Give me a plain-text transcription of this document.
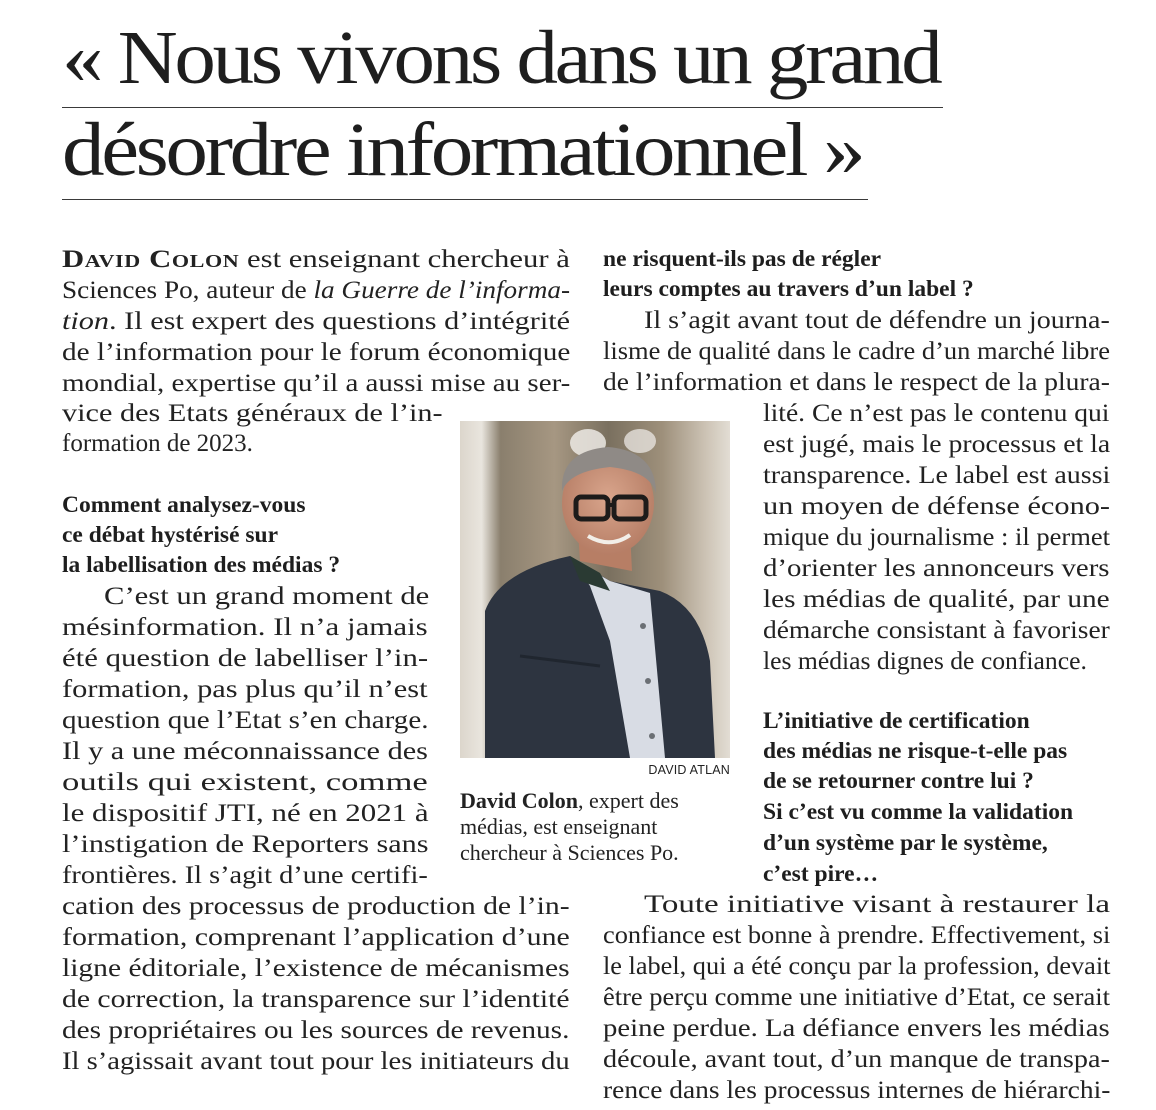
« Nous vivons dans un grand
désordre informationnel »
David Colon est enseignant chercheur à
Sciences Po, auteur de la Guerre de l’informa-
tion. Il est expert des questions d’intégrité
de l’information pour le forum économique
mondial, expertise qu’il a aussi mise au ser-
vice des Etats généraux de l’in-
formation de 2023.
Comment analysez-vous
ce débat hystérisé sur
la labellisation des médias ?
C’est un grand moment de
mésinformation. Il n’a jamais
été question de labelliser l’in-
formation, pas plus qu’il n’est
question que l’Etat s’en charge.
Il y a une méconnaissance des
outils qui existent, comme
le dispositif JTI, né en 2021 à
l’instigation de Reporters sans
frontières. Il s’agit d’une certifi-
cation des processus de production de l’in-
formation, comprenant l’application d’une
ligne éditoriale, l’existence de mécanismes
de correction, la transparence sur l’identité
des propriétaires ou les sources de revenus.
Il s’agissait avant tout pour les initiateurs du
ne risquent-ils pas de régler
leurs comptes au travers d’un label ?
Il s’agit avant tout de défendre un journa-
lisme de qualité dans le cadre d’un marché libre
de l’information et dans le respect de la plura-
lité. Ce n’est pas le contenu qui
est jugé, mais le processus et la
transparence. Le label est aussi
un moyen de défense écono-
mique du journalisme : il permet
d’orienter les annonceurs vers
les médias de qualité, par une
démarche consistant à favoriser
les médias dignes de confiance.
L’initiative de certification
des médias ne risque-t-elle pas
de se retourner contre lui ?
Si c’est vu comme la validation
d’un système par le système,
c’est pire…
Toute initiative visant à restaurer la
confiance est bonne à prendre. Effectivement, si
le label, qui a été conçu par la profession, devait
être perçu comme une initiative d’Etat, ce serait
peine perdue. La défiance envers les médias
découle, avant tout, d’un manque de transpa-
rence dans les processus internes de hiérarchi-
DAVID ATLAN
David Colon, expert des
médias, est enseignant
chercheur à Sciences Po.
